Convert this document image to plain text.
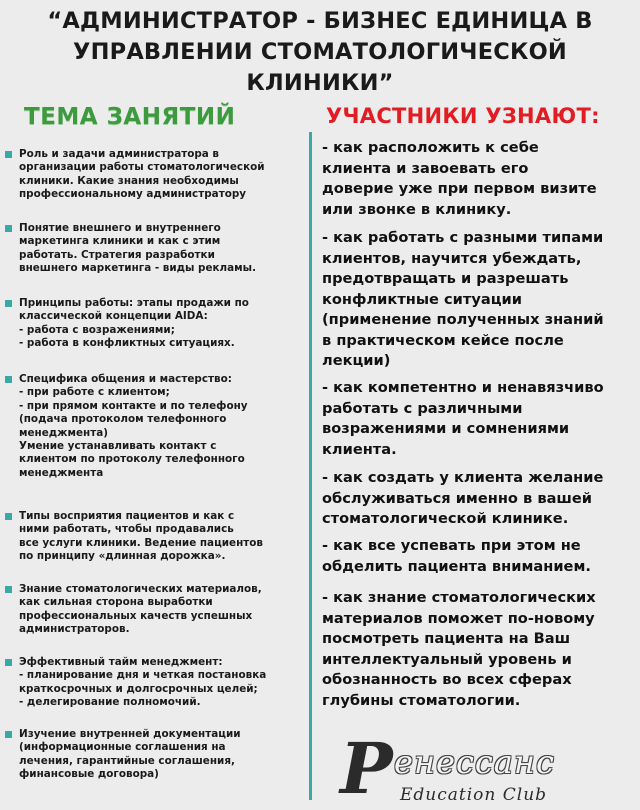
“АДМИНИСТРАТОР - БИЗНЕС ЕДИНИЦА В
УПРАВЛЕНИИ СТОМАТОЛОГИЧЕСКОЙ
КЛИНИКИ”
ТЕМА ЗАНЯТИЙ	УЧАСТНИКИ УЗНАЮТ:
Роль и задачи администратора в
организации работы стоматологической
клиники. Какие знания необходимы
профессиональному администратору
Понятие внешнего и внутреннего
маркетинга клиники и как с этим
работать. Стратегия разработки
внешнего маркетинга - виды рекламы.
Принципы работы: этапы продажи по
классической концепции AIDA:
- работа с возражениями;
- работа в конфликтных ситуациях.
Специфика общения и мастерство:
- при работе с клиентом;
- при прямом контакте и по телефону
(подача протоколом телефонного
менеджмента)
Умение устанавливать контакт с
клиентом по протоколу телефонного
менеджмента
Типы восприятия пациентов и как с
ними работать, чтобы продавались
все услуги клиники. Ведение пациентов
по принципу «длинная дорожка».
Знание стоматологических материалов,
как сильная сторона выработки
профессиональных качеств успешных
администраторов.
Эффективный тайм менеджмент:
- планирование дня и четкая постановка
краткосрочных и долгосрочных целей;
- делегирование полномочий.
Изучение внутренней документации
(информационные соглашения на
лечения, гарантийные соглашения,
финансовые договора)
- как расположить к себе
клиента и завоевать его
доверие уже при первом визите
или звонке в клинику.
- как работать с разными типами
клиентов, научится убеждать,
предотвращать и разрешать
конфликтные ситуации
(применение полученных знаний
в практическом кейсе после
лекции)
- как компетентно и ненавязчиво
работать с различными
возражениями и сомнениями
клиента.
- как создать у клиента желание
обслуживаться именно в вашей
стоматологической клинике.
- как все успевать при этом не
обделить пациента вниманием.
- как знание стоматологических
материалов поможет по-новому
посмотреть пациента на Ваш
интеллектуальный уровень и
обознанность во всех сферах
глубины стоматологии.
Р енессанс
Education Club
